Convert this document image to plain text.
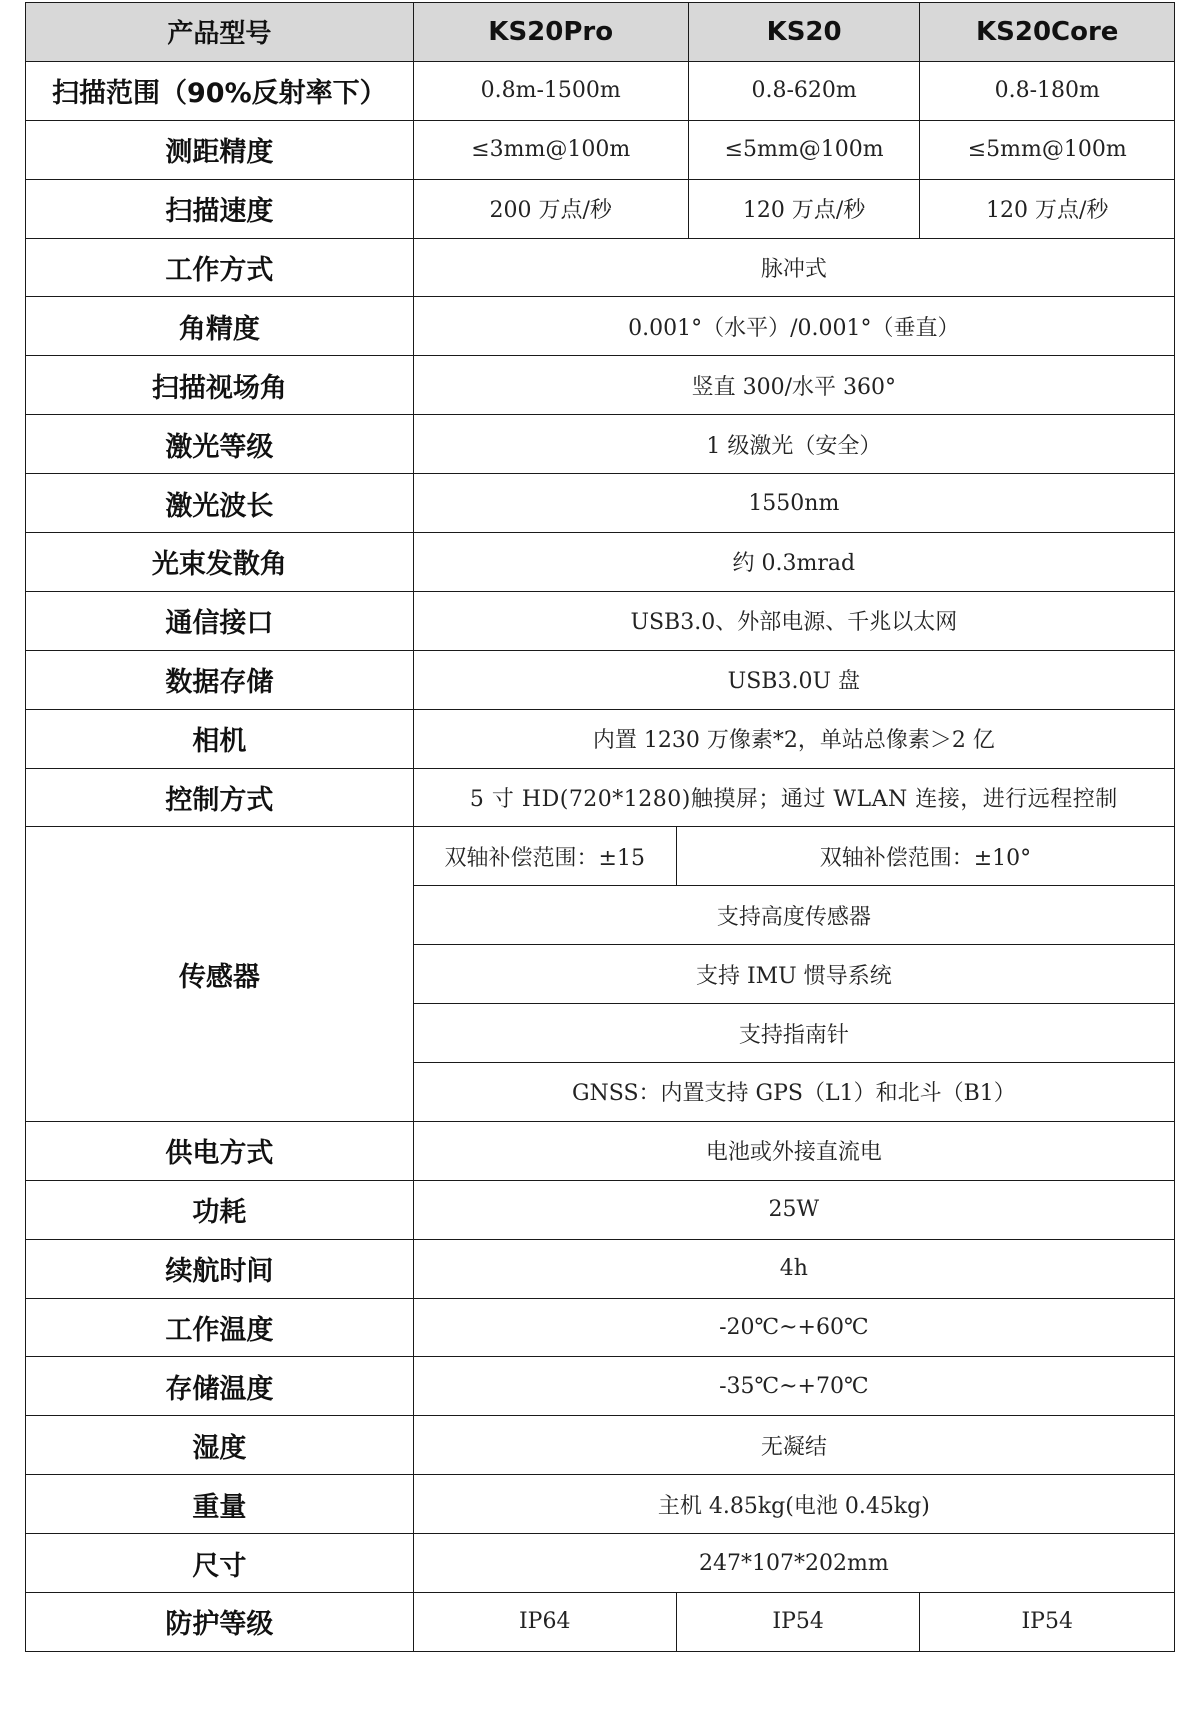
产品型号	KS20Pro		KS20	KS20Core
扫描范围（90%反射率下）	0.8m-1500m		0.8-620m	0.8-180m
测距精度	≤3mm@100m		≤5mm@100m	≤5mm@100m
扫描速度	200 万点/秒		120 万点/秒	120 万点/秒
工作方式	脉冲式			
角精度	0.001°（水平）/0.001°（垂直）			
扫描视场角	竖直 300/水平 360°			
激光等级	1 级激光（安全）			
激光波长	1550nm			
光束发散角	约 0.3mrad			
通信接口	USB3.0、外部电源、千兆以太网			
数据存储	USB3.0U 盘			
相机	内置 1230 万像素*2，单站总像素＞2 亿			
控制方式	5 寸 HD(720*1280)触摸屏；通过 WLAN 连接，进行远程控制			
传感器	双轴补偿范围：±15	双轴补偿范围：±10°		
	支持高度传感器			
	支持 IMU 惯导系统			
	支持指南针			
	GNSS：内置支持 GPS（L1）和北斗（B1）			
供电方式	电池或外接直流电			
功耗	25W			
续航时间	4h			
工作温度	-20℃~+60℃			
存储温度	-35℃~+70℃			
湿度	无凝结			
重量	主机 4.85kg(电池 0.45kg)			
尺寸	247*107*202mm			
防护等级	IP64	IP54		IP54
